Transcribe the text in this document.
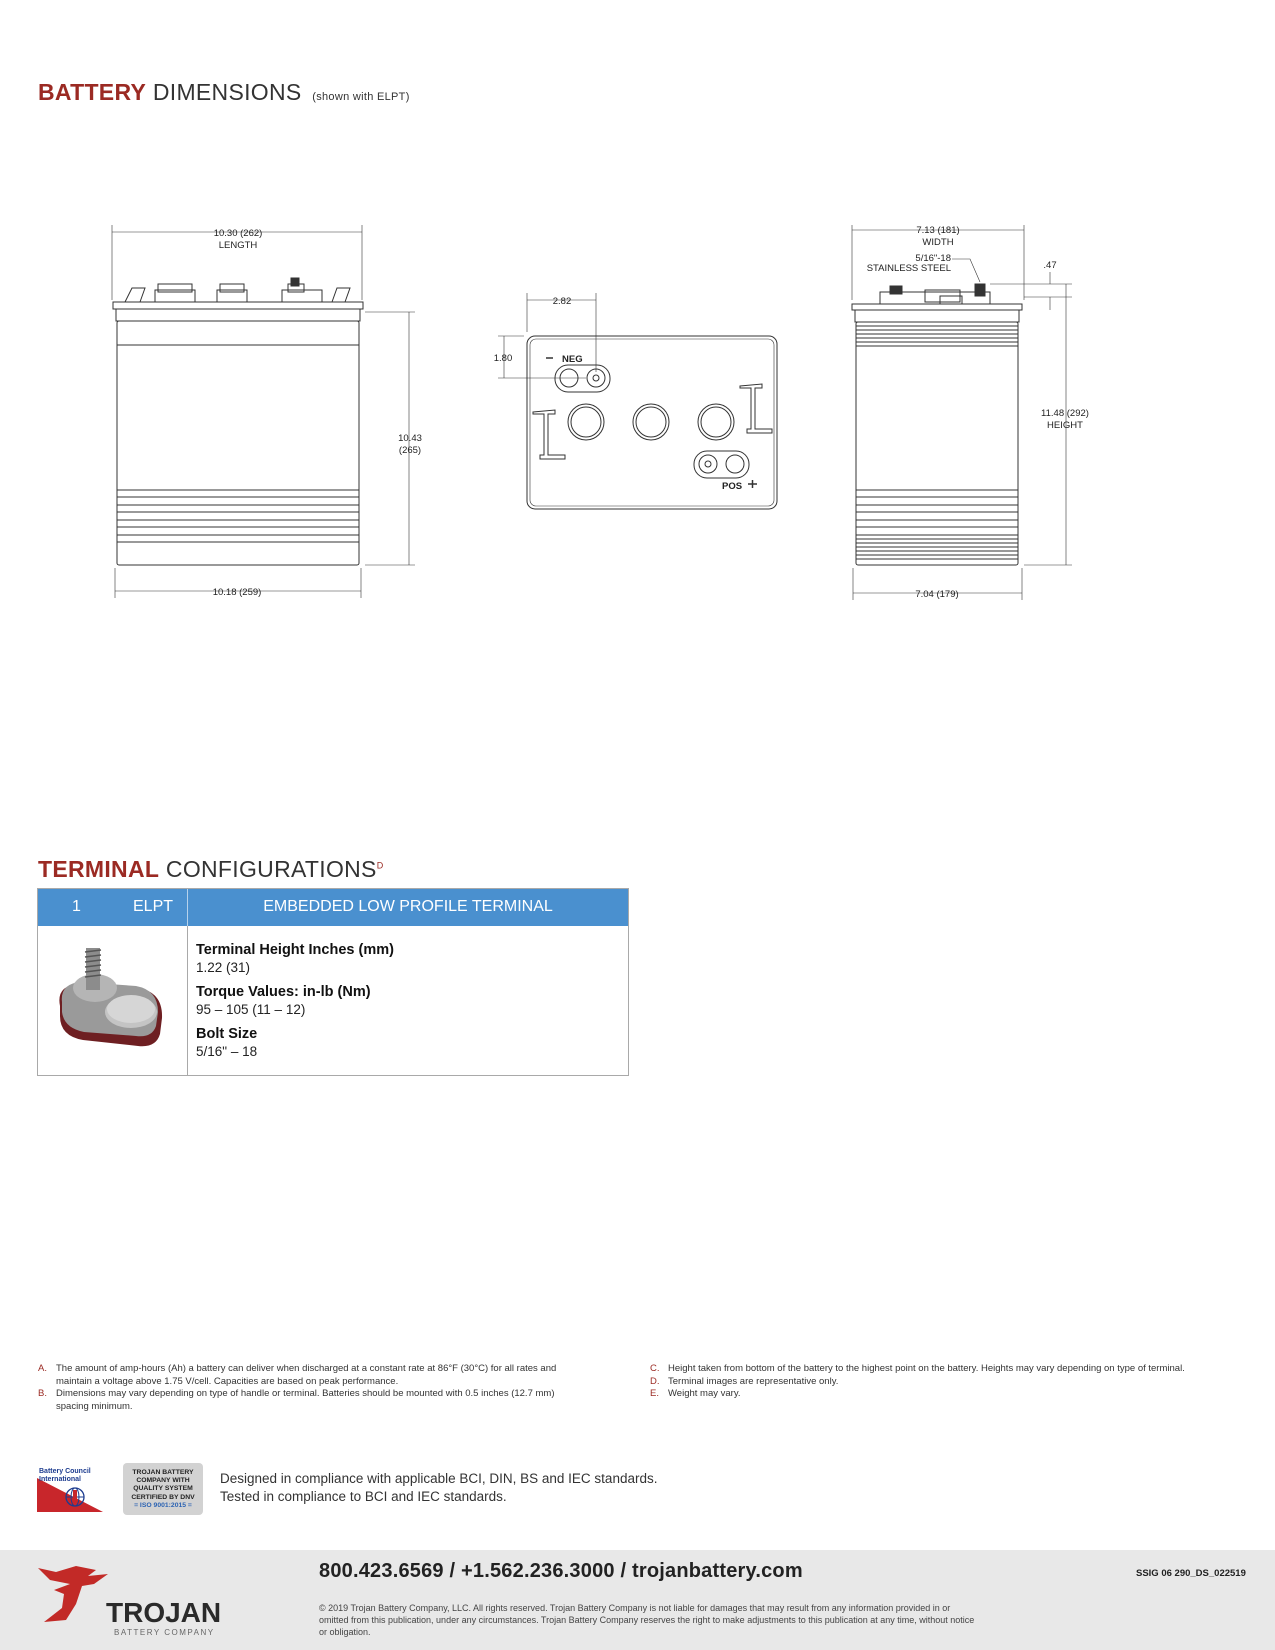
BATTERY DIMENSIONS (shown with ELPT)
10.30 (262)
LENGTH
10.43
(265)
10.18 (259)
2.82
1.80	NEG
POS
7.13 (181)
WIDTH
5/16"-18
STAINLESS STEEL	.47
11.48 (292)
HEIGHT
7.04 (179)
TERMINAL $CONFIGURATIONS^D$
1	ELPT	EMBEDDED LOW PROFILE TERMINAL
Terminal Height Inches (mm)
1.22 (31)
Torque Values: in-lb (Nm)
95 – 105 (11 – 12)
Bolt Size
5/16" – 18
A. The amount of amp-hours (Ah) a battery can deliver when discharged at a constant rate at 86°F (30°C) for all rates and maintain a voltage above 1.75 V/cell. Capacities are based on peak performance.
B. Dimensions may vary depending on type of handle or terminal. Batteries should be mounted with 0.5 inches (12.7 mm) spacing minimum.
C. Height taken from bottom of the battery to the highest point on the battery. Heights may vary depending on type of terminal.
D. Terminal images are representative only.
E. Weight may vary.
Battery Council
International
TROJAN BATTERY
COMPANY WITH
QUALITY SYSTEM
CERTIFIED BY DNV
= ISO 9001:2015 =
Designed in compliance with applicable BCI, DIN, BS and IEC standards.
Tested in compliance to BCI and IEC standards.
TROJAN
BATTERY COMPANY
800.423.6569 / +1.562.236.3000 / trojanbattery.com	SSIG 06 290_DS_022519
© 2019 Trojan Battery Company, LLC. All rights reserved. Trojan Battery Company is not liable for damages that may result from any information provided in or omitted from this publication, under any circumstances. Trojan Battery Company reserves the right to make adjustments to this publication at any time, without notice or obligation.
